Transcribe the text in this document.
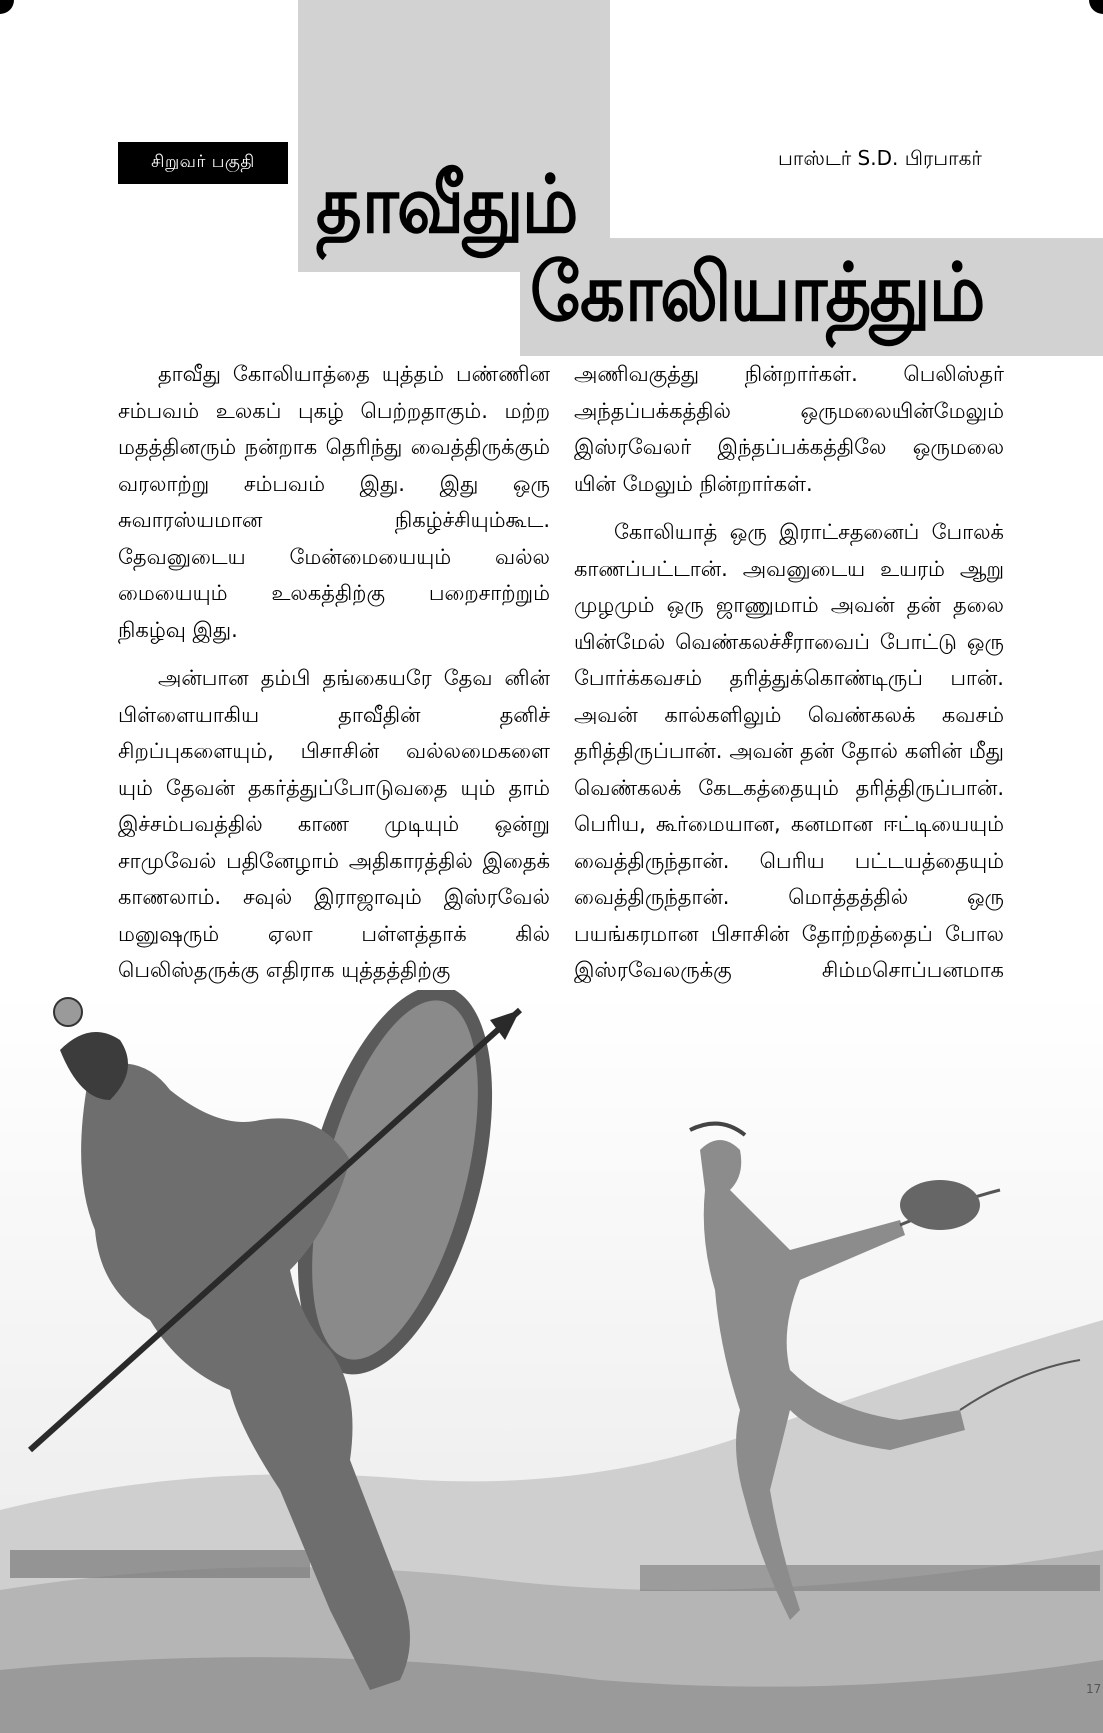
சிறுவர் பகுதி	பாஸ்டர் S.D. பிரபாகர்
தாவீதும்
கோலியாத்தும்

தாவீது கோலியாத்தை யுத்தம் பண்ணின சம்பவம் உலகப் புகழ் பெற்றதாகும். மற்ற மதத்தினரும் நன்றாக தெரிந்து வைத்திருக்கும் வரலாற்று சம்பவம் இது. இது ஒரு சுவாரஸ்யமான நிகழ்ச்சியும்கூட. தேவனுடைய மேன்மையையும் வல்ல மையையும் உலகத்திற்கு பறைசாற்றும் நிகழ்வு இது.

அன்பான தம்பி தங்கையரே தேவ னின் பிள்ளையாகிய தாவீதின் தனிச் சிறப்புகளையும், பிசாசின் வல்லமைகளை யும் தேவன் தகர்த்துப்போடுவதை யும் தாம் இச்சம்பவத்தில் காண முடியும் ஒன்று சாமுவேல் பதினேழாம் அதிகாரத்தில் இதைக் காணலாம். சவுல் இராஜாவும் இஸ்ரவேல் மனுஷரும் ஏலா பள்ளத்தாக் கில் பெலிஸ்தருக்கு எதிராக யுத்தத்திற்கு

அணிவகுத்து நின்றார்கள். பெலிஸ்தர் அந்தப்பக்கத்தில் ஒருமலையின்மேலும் இஸ்ரவேலர் இந்தப்பக்கத்திலே ஒருமலை யின் மேலும் நின்றார்கள்.

கோலியாத் ஒரு இராட்சதனைப் போலக் காணப்பட்டான். அவனுடைய உயரம் ஆறு முழமும் ஒரு ஜாணுமாம் அவன் தன் தலை யின்மேல் வெண்கலச்சீராவைப் போட்டு ஒரு போர்க்கவசம் தரித்துக்கொண்டிருப் பான். அவன் கால்களிலும் வெண்கலக் கவசம் தரித்திருப்பான். அவன் தன் தோல் களின் மீது வெண்கலக் கேடகத்தையும் தரித்திருப்பான். பெரிய, கூர்மையான, கனமான ஈட்டியையும் வைத்திருந்தான். பெரிய பட்டயத்தையும் வைத்திருந்தான். மொத்தத்தில் ஒரு பயங்கரமான பிசாசின் தோற்றத்தைப் போல இஸ்ரவேலருக்கு சிம்மசொப்பனமாக

17
